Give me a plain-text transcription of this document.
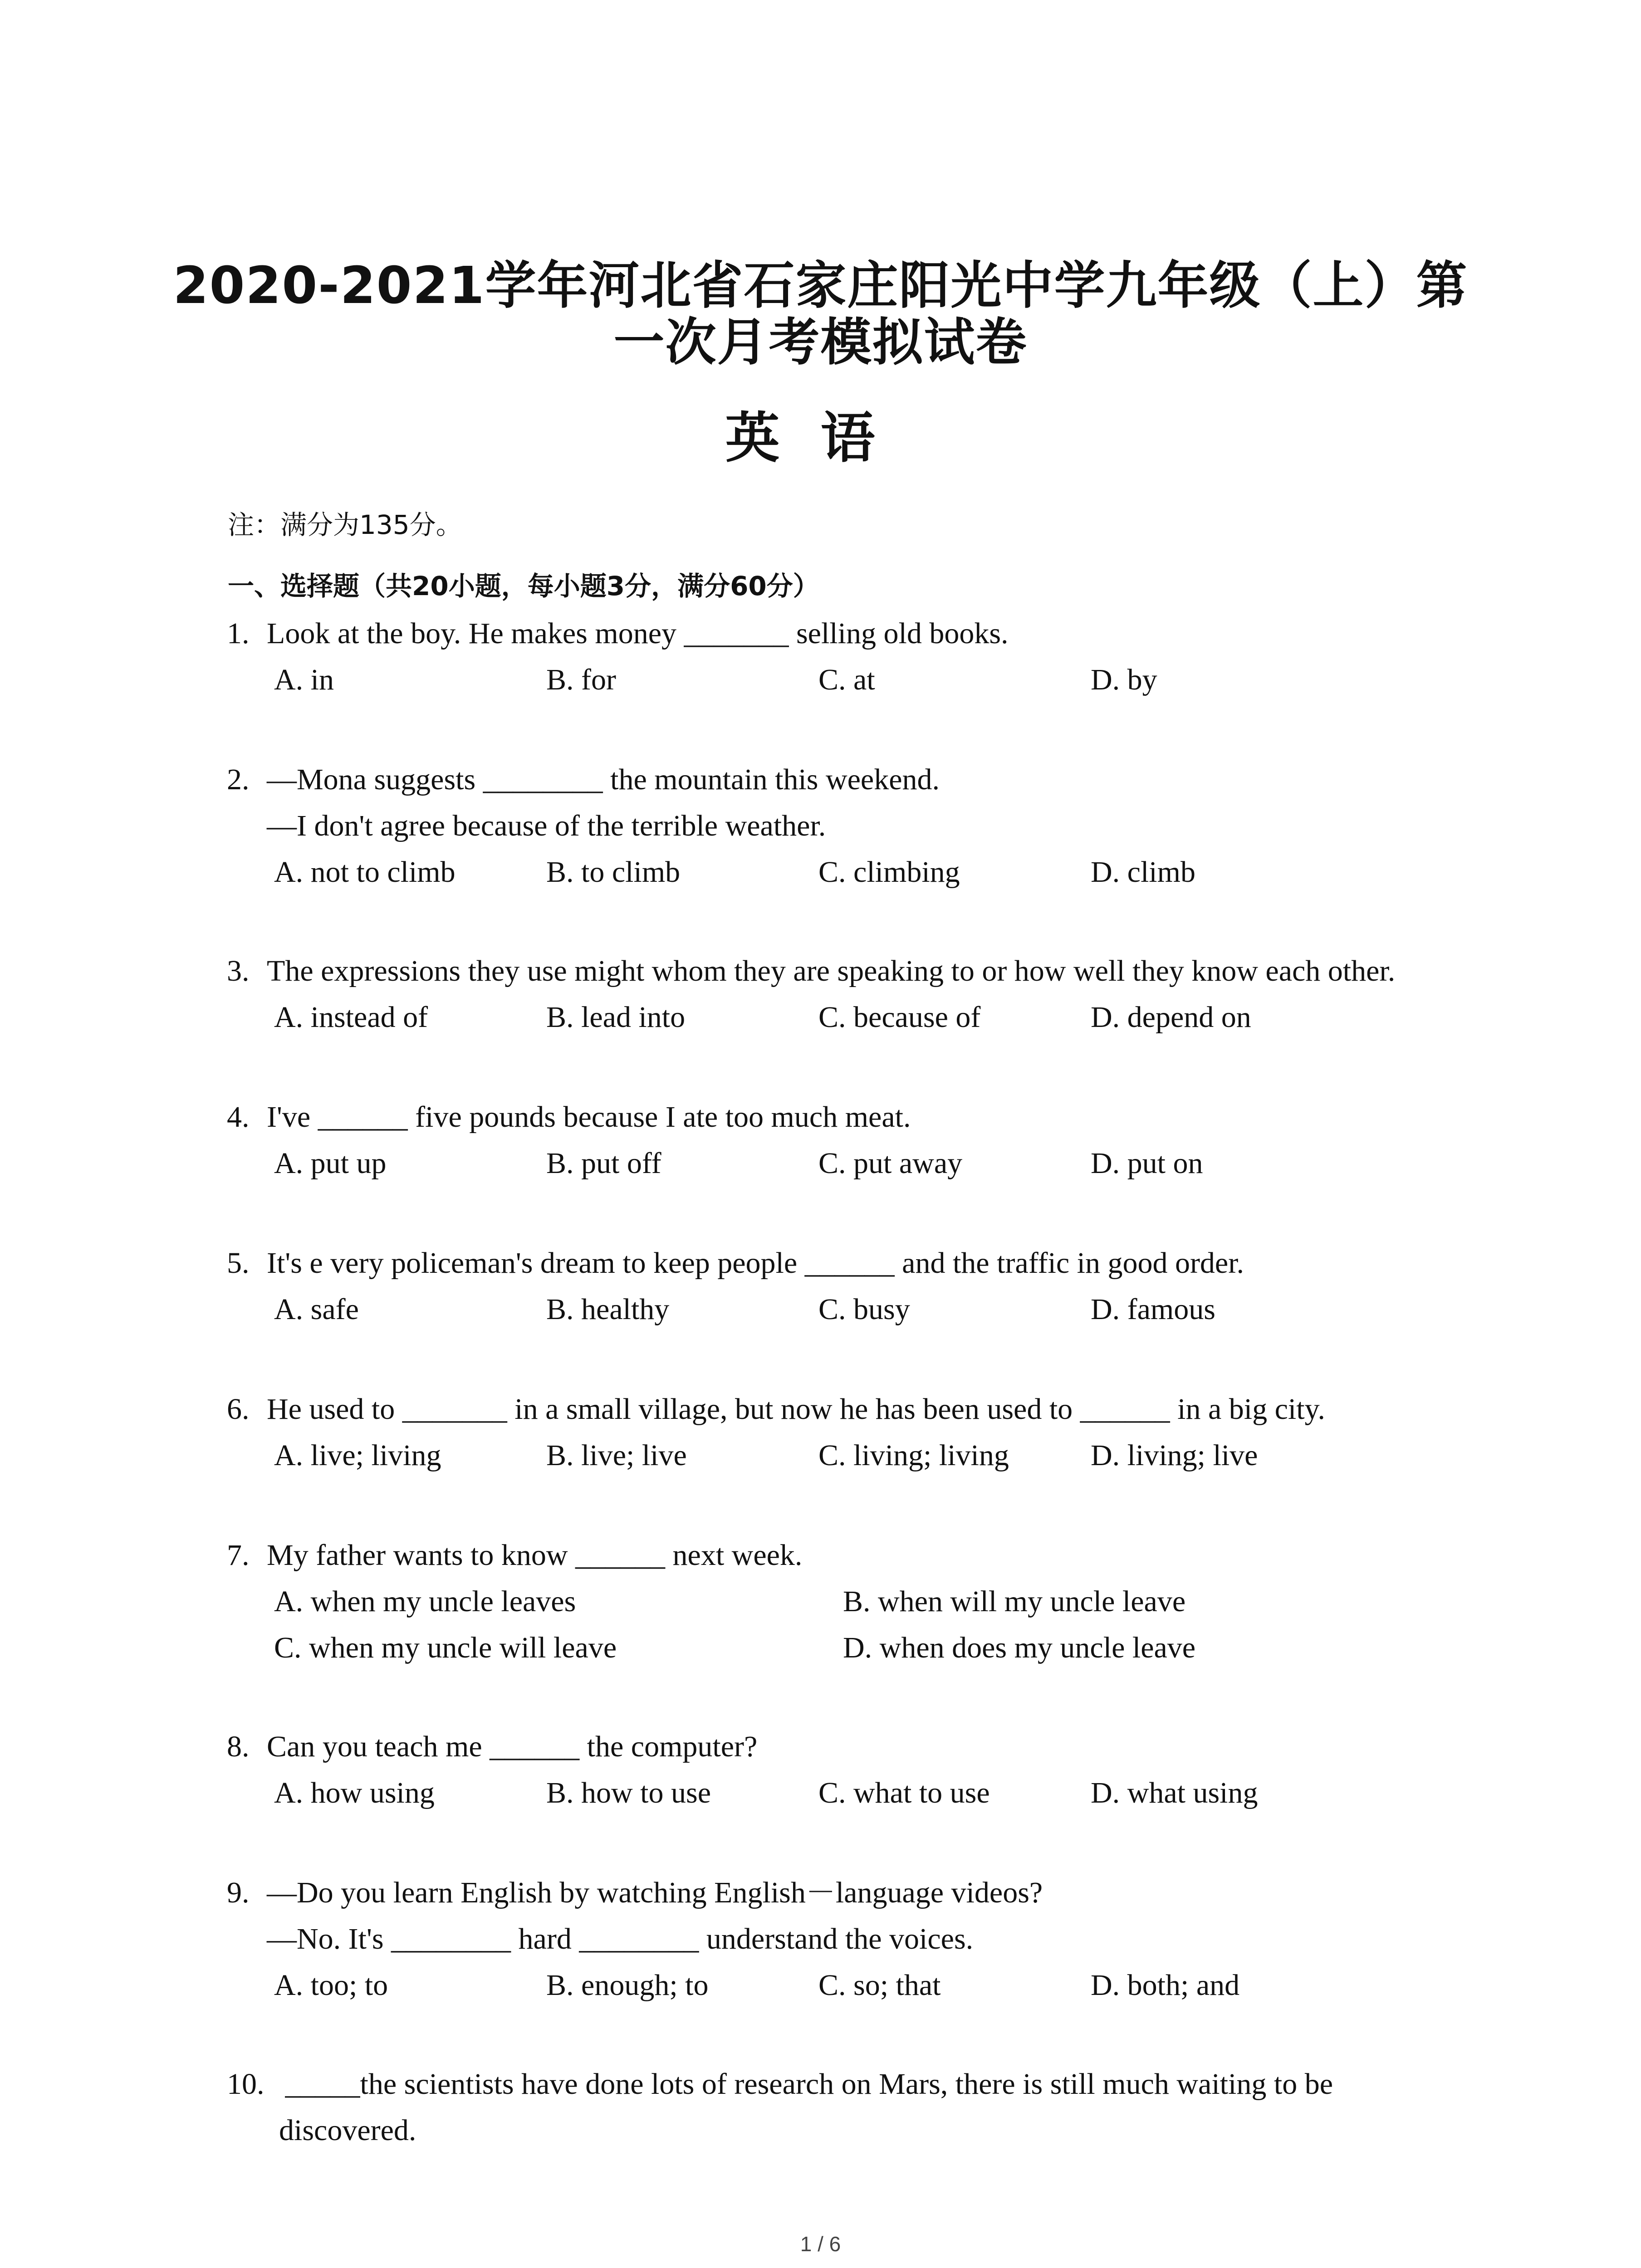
2020-2021学年河北省石家庄阳光中学九年级（上）第
一次月考模拟试卷
英语
注：满分为135分。
一、选择题（共20小题，每小题3分，满分60分）
1. Look at the boy. He makes money _______ selling old books.
A. in	B. for	C. at	D. by
2. —Mona suggests ________ the mountain this weekend.
—I don't agree because of the terrible weather.
A. not to climb	B. to climb	C. climbing	D. climb
3. The expressions they use might whom they are speaking to or how well they know each other.
A. instead of	B. lead into	C. because of	D. depend on
4. I've ______ five pounds because I ate too much meat.
A. put up	B. put off	C. put away	D. put on
5. It's e very policeman's dream to keep people ______ and the traffic in good order.
A. safe	B. healthy	C. busy	D. famous
6. He used to _______ in a small village, but now he has been used to ______ in a big city.
A. live; living	B. live; live	C. living; living	D. living; live
7. My father wants to know ______ next week.
A. when my uncle leaves	B. when will my uncle leave
C. when my uncle will leave	D. when does my uncle leave
8. Can you teach me ______ the computer?
A. how using	B. how to use	C. what to use	D. what using
9. —Do you learn English by watching English－language videos?
—No. It's ________ hard ________ understand the voices.
A. too; to	B. enough; to	C. so; that	D. both; and
10. _____the scientists have done lots of research on Mars, there is still much waiting to be
discovered.
1 / 6
